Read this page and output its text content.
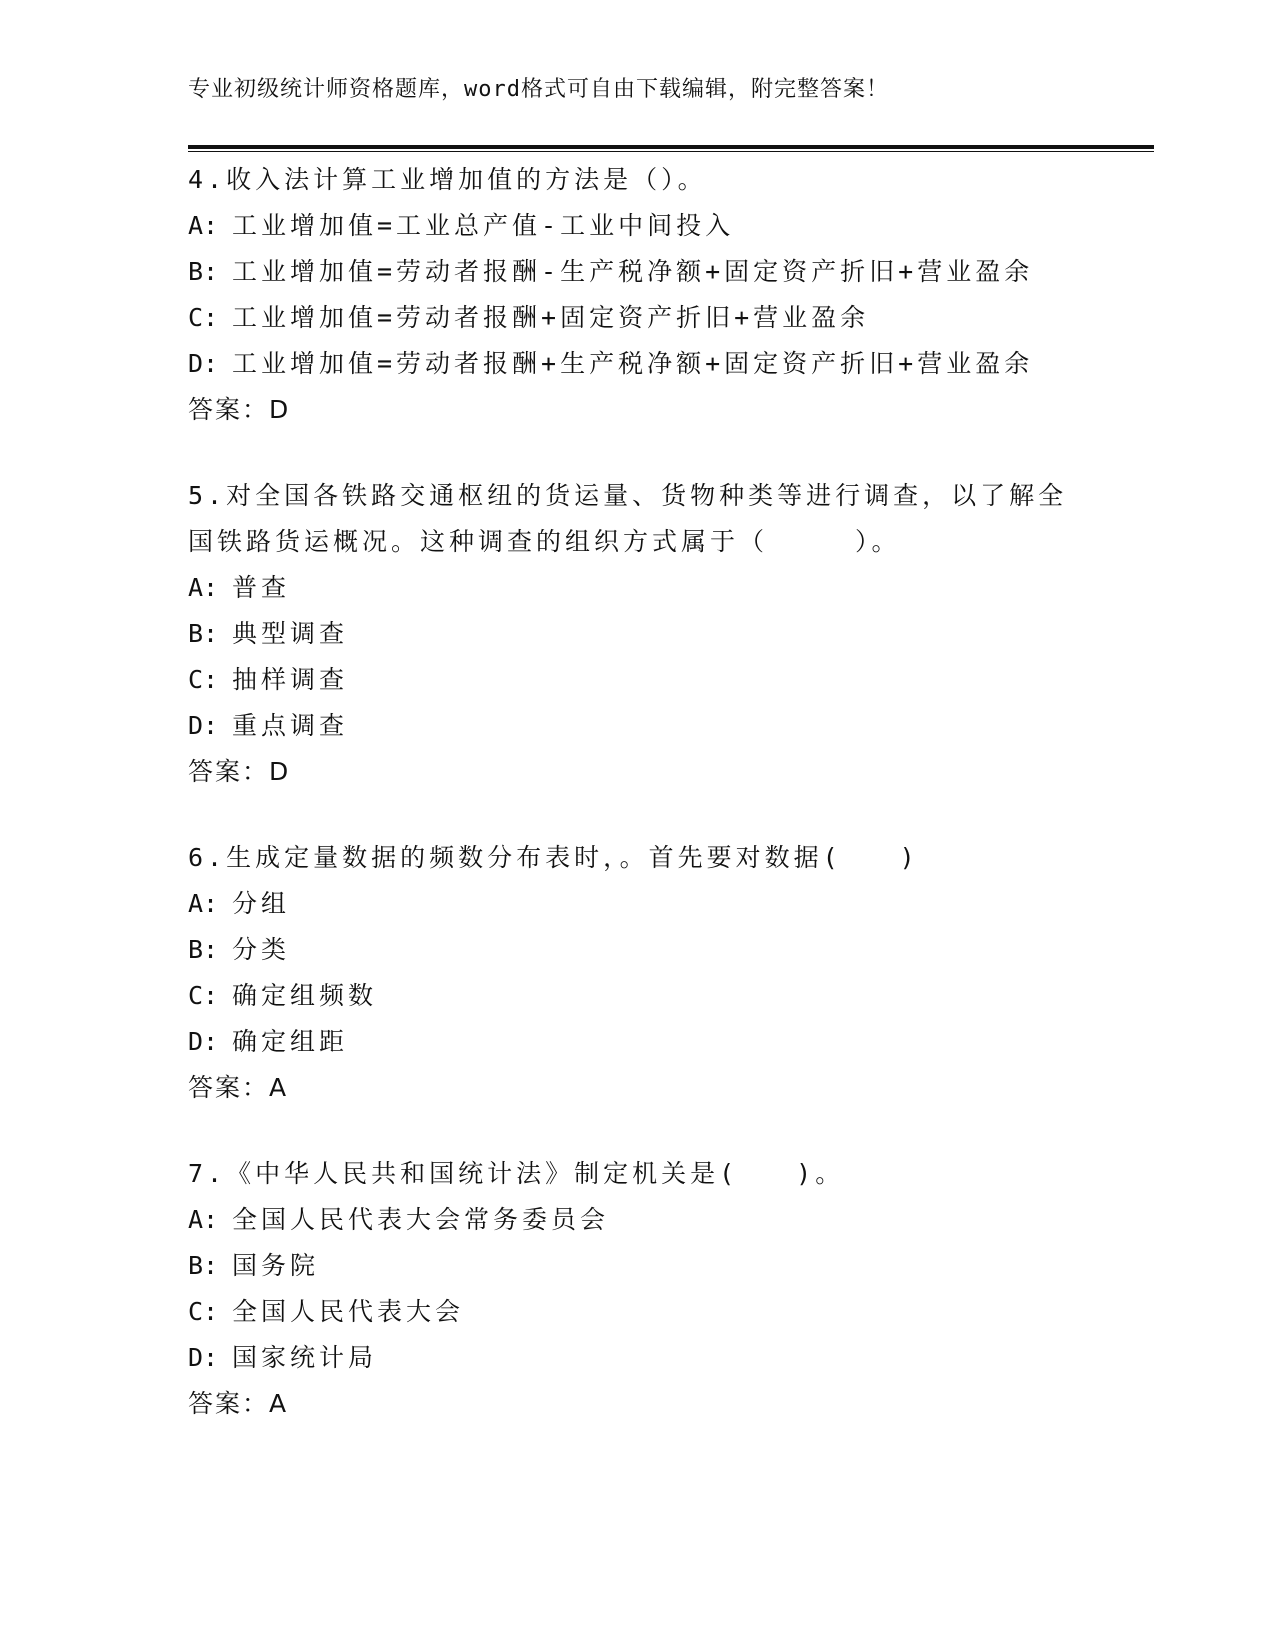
专业初级统计师资格题库，word格式可自由下载编辑，附完整答案！
4.收入法计算工业增加值的方法是（）。
A: 工业增加值=工业总产值-工业中间投入
B: 工业增加值=劳动者报酬-生产税净额+固定资产折旧+营业盈余
C: 工业增加值=劳动者报酬+固定资产折旧+营业盈余
D: 工业增加值=劳动者报酬+生产税净额+固定资产折旧+营业盈余
答案：D
5.对全国各铁路交通枢纽的货运量、货物种类等进行调查，以了解全
国铁路货运概况。这种调查的组织方式属于（　　　）。
A: 普查
B: 典型调查
C: 抽样调查
D: 重点调查
答案：D
6.生成定量数据的频数分布表时，。首先要对数据(　　)
A: 分组
B: 分类
C: 确定组频数
D: 确定组距
答案：A
7.《中华人民共和国统计法》制定机关是(　　)。
A: 全国人民代表大会常务委员会
B: 国务院
C: 全国人民代表大会
D: 国家统计局
答案：A
